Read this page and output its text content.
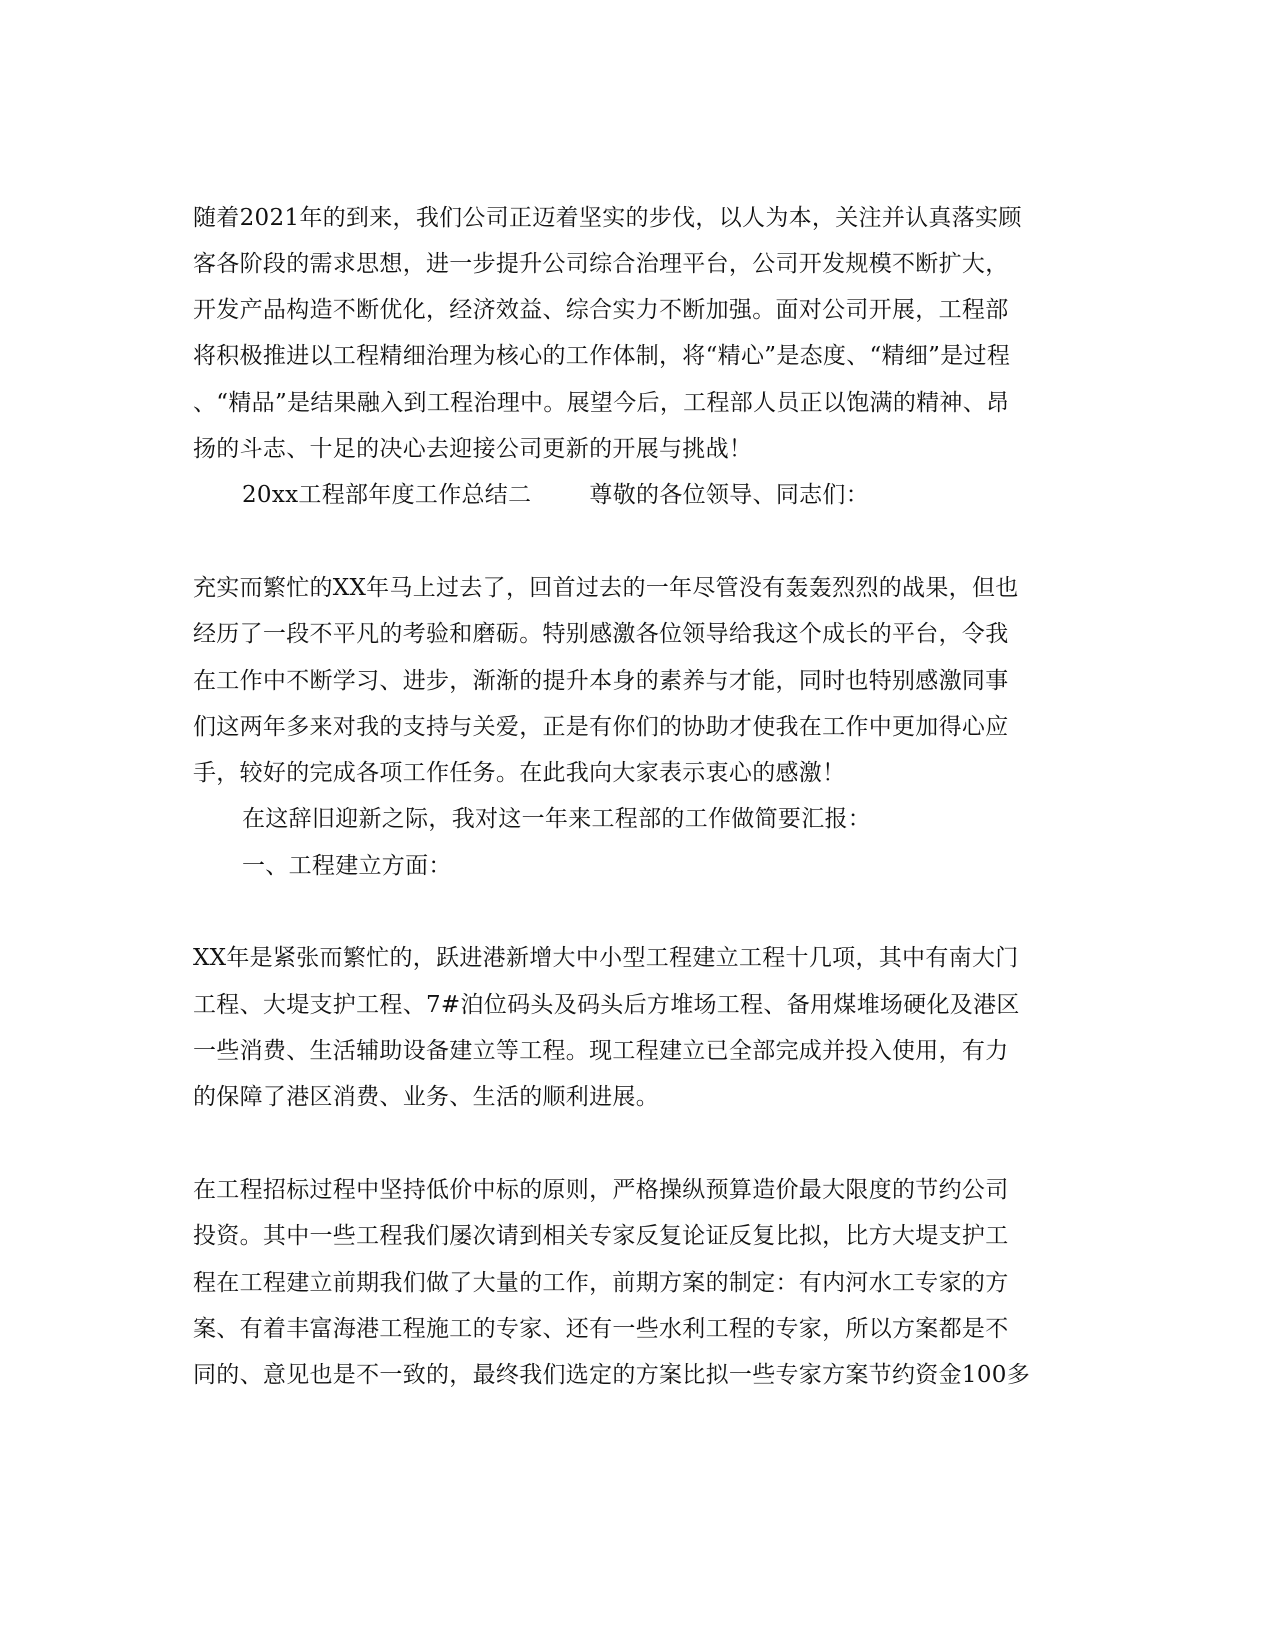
随着2021年的到来，我们公司正迈着坚实的步伐，以人为本，关注并认真落实顾
客各阶段的需求思想，进一步提升公司综合治理平台，公司开发规模不断扩大，
开发产品构造不断优化，经济效益、综合实力不断加强。面对公司开展，工程部
将积极推进以工程精细治理为核心的工作体制，将“精心”是态度、“精细”是过程
、“精品”是结果融入到工程治理中。展望今后，工程部人员正以饱满的精神、昂
扬的斗志、十足的决心去迎接公司更新的开展与挑战！
20xx工程部年度工作总结二	尊敬的各位领导、同志们：
充实而繁忙的XX年马上过去了，回首过去的一年尽管没有轰轰烈烈的战果，但也
经历了一段不平凡的考验和磨砺。特别感激各位领导给我这个成长的平台，令我
在工作中不断学习、进步，渐渐的提升本身的素养与才能，同时也特别感激同事
们这两年多来对我的支持与关爱，正是有你们的协助才使我在工作中更加得心应
手，较好的完成各项工作任务。在此我向大家表示衷心的感激！
在这辞旧迎新之际，我对这一年来工程部的工作做简要汇报：
一、工程建立方面：
XX年是紧张而繁忙的，跃进港新增大中小型工程建立工程十几项，其中有南大门
工程、大堤支护工程、7#泊位码头及码头后方堆场工程、备用煤堆场硬化及港区
一些消费、生活辅助设备建立等工程。现工程建立已全部完成并投入使用，有力
的保障了港区消费、业务、生活的顺利进展。
在工程招标过程中坚持低价中标的原则，严格操纵预算造价最大限度的节约公司
投资。其中一些工程我们屡次请到相关专家反复论证反复比拟，比方大堤支护工
程在工程建立前期我们做了大量的工作，前期方案的制定：有内河水工专家的方
案、有着丰富海港工程施工的专家、还有一些水利工程的专家，所以方案都是不
同的、意见也是不一致的，最终我们选定的方案比拟一些专家方案节约资金100多
